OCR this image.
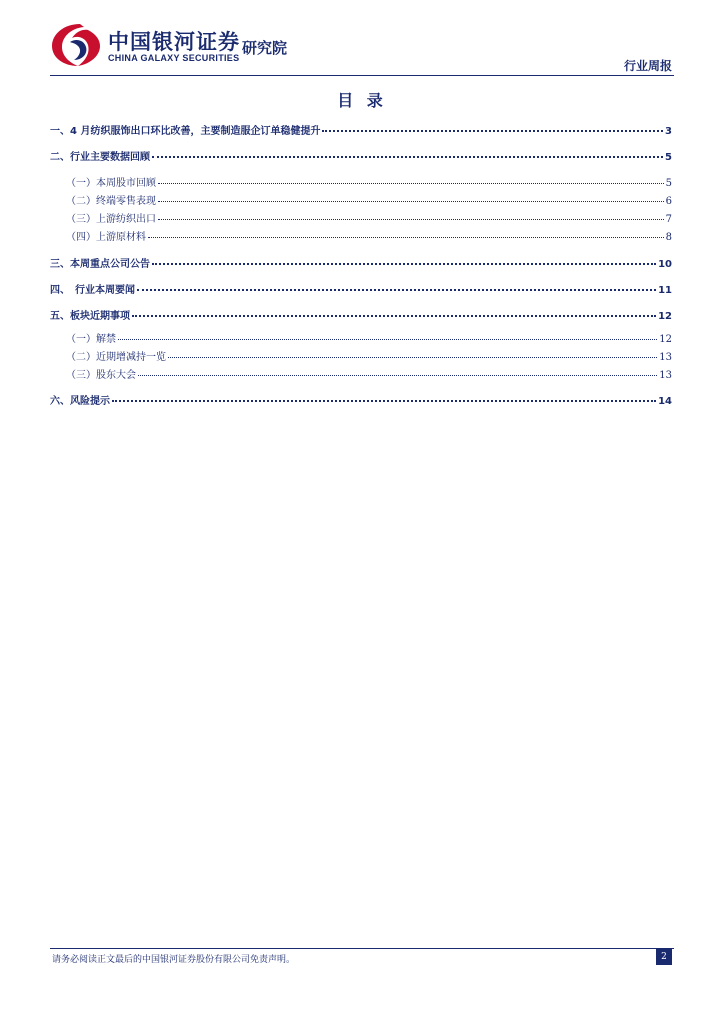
中国银河证券
CHINA GALAXY SECURITIES
研究院
行业周报
目 录
一、4 月纺织服饰出口环比改善，主要制造服企订单稳健提升	3
二、行业主要数据回顾	5
（一）本周股市回顾	5
（二）终端零售表现	6
（三）上游纺织出口	7
（四）上游原材料	8
三、本周重点公司公告	10
四、　行业本周要闻	11
五、板块近期事项	12
（一）解禁	12
（二）近期增减持一览	13
（三）股东大会	13
六、风险提示	14
请务必阅读正文最后的中国银河证券股份有限公司免责声明。	2
